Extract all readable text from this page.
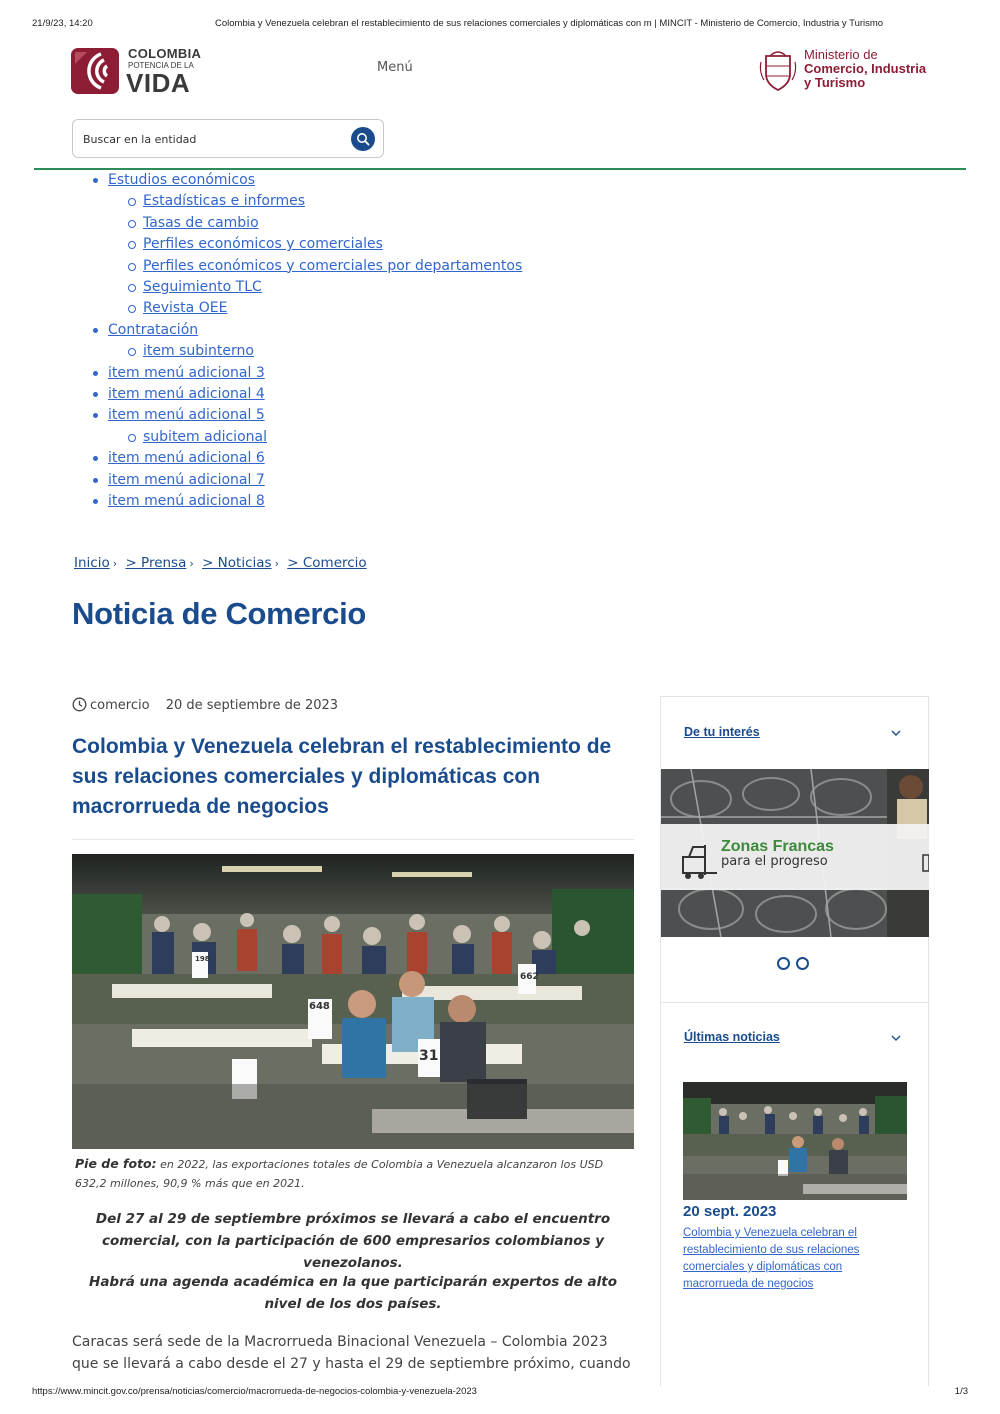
21/9/23, 14:20	Colombia y Venezuela celebran el restablecimiento de sus relaciones comerciales y diplomáticas con m | MINCIT - Ministerio de Comercio, Industria y Turismo
COLOMBIA
POTENCIA DE LA
VIDA
Menú
Ministerio de
Comercio, Industria
y Turismo
Buscar en la entidad
Estudios económicos
Estadísticas e informes
Tasas de cambio
Perfiles económicos y comerciales
Perfiles económicos y comerciales por departamentos
Seguimiento TLC
Revista OEE
Contratación
item subinterno
item menú adicional 3
item menú adicional 4
item menú adicional 5
subitem adicional
item menú adicional 6
item menú adicional 7
item menú adicional 8
Inicio › > Prensa › > Noticias › > Comercio
Noticia de Comercio
comercio 20 de septiembre de 2023
Colombia y Venezuela celebran el restablecimiento de sus relaciones comerciales y diplomáticas con macrorrueda de negocios
198
662
648
31

Pie de foto: en 2022, las exportaciones totales de Colombia a Venezuela alcanzaron los USD 632,2 millones, 90,9 % más que en 2021.

Del 27 al 29 de septiembre próximos se llevará a cabo el encuentro comercial, con la participación de 600 empresarios colombianos y venezolanos.

Habrá una agenda académica en la que participarán expertos de alto nivel de los dos países.

Caracas será sede de la Macrorrueda Binacional Venezuela – Colombia 2023 que se llevará a cabo desde el 27 y hasta el 29 de septiembre próximo, cuando

De tu interés
Zonas Francas
para el progreso
Últimas noticias
20 sept. 2023
Colombia y Venezuela celebran el restablecimiento de sus relaciones comerciales y diplomáticas con macrorrueda de negocios
https://www.mincit.gov.co/prensa/noticias/comercio/macrorrueda-de-negocios-colombia-y-venezuela-2023	1/3
